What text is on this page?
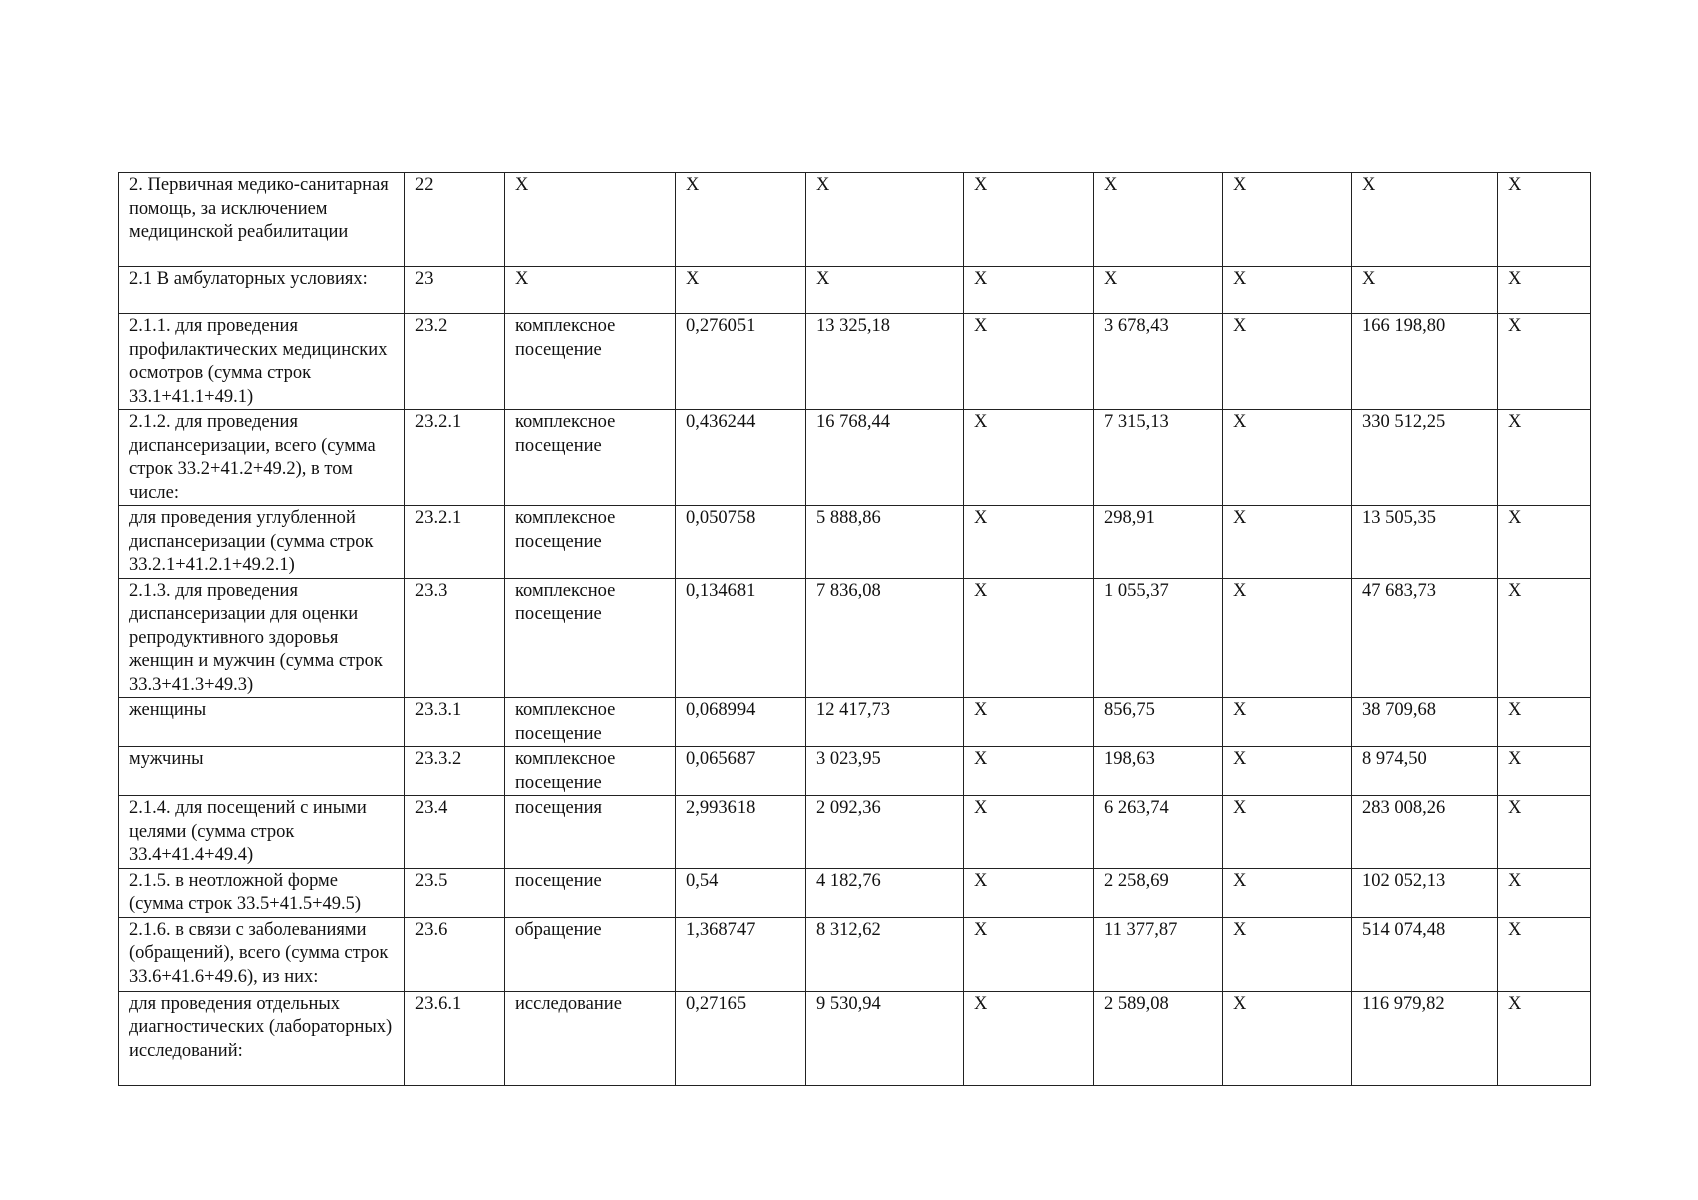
2. Первичная медико-санитарная помощь, за исключением медицинской реабилитации	22	X	X	X	X	X	X	X	X
2.1 В амбулаторных условиях:	23	X	X	X	X	X	X	X	X
2.1.1. для проведения профилактических медицинских осмотров (сумма строк 33.1+41.1+49.1)	23.2	комплексное посещение	0,276051	13 325,18	X	3 678,43	X	166 198,80	X
2.1.2. для проведения диспансеризации, всего (сумма строк 33.2+41.2+49.2), в том числе:	23.2.1	комплексное посещение	0,436244	16 768,44	X	7 315,13	X	330 512,25	X
для проведения углубленной диспансеризации (сумма строк 33.2.1+41.2.1+49.2.1)	23.2.1	комплексное посещение	0,050758	5 888,86	X	298,91	X	13 505,35	X
2.1.3. для проведения диспансеризации для оценки репродуктивного здоровья женщин и мужчин (сумма строк 33.3+41.3+49.3)	23.3	комплексное посещение	0,134681	7 836,08	X	1 055,37	X	47 683,73	X
женщины	23.3.1	комплексное посещение	0,068994	12 417,73	X	856,75	X	38 709,68	X
мужчины	23.3.2	комплексное посещение	0,065687	3 023,95	X	198,63	X	8 974,50	X
2.1.4. для посещений с иными целями (сумма строк 33.4+41.4+49.4)	23.4	посещения	2,993618	2 092,36	X	6 263,74	X	283 008,26	X
2.1.5. в неотложной форме (сумма строк 33.5+41.5+49.5)	23.5	посещение	0,54	4 182,76	X	2 258,69	X	102 052,13	X
2.1.6. в связи с заболеваниями (обращений), всего (сумма строк 33.6+41.6+49.6), из них:	23.6	обращение	1,368747	8 312,62	X	11 377,87	X	514 074,48	X
для проведения отдельных диагностических (лабораторных) исследований:	23.6.1	исследование	0,27165	9 530,94	X	2 589,08	X	116 979,82	X
